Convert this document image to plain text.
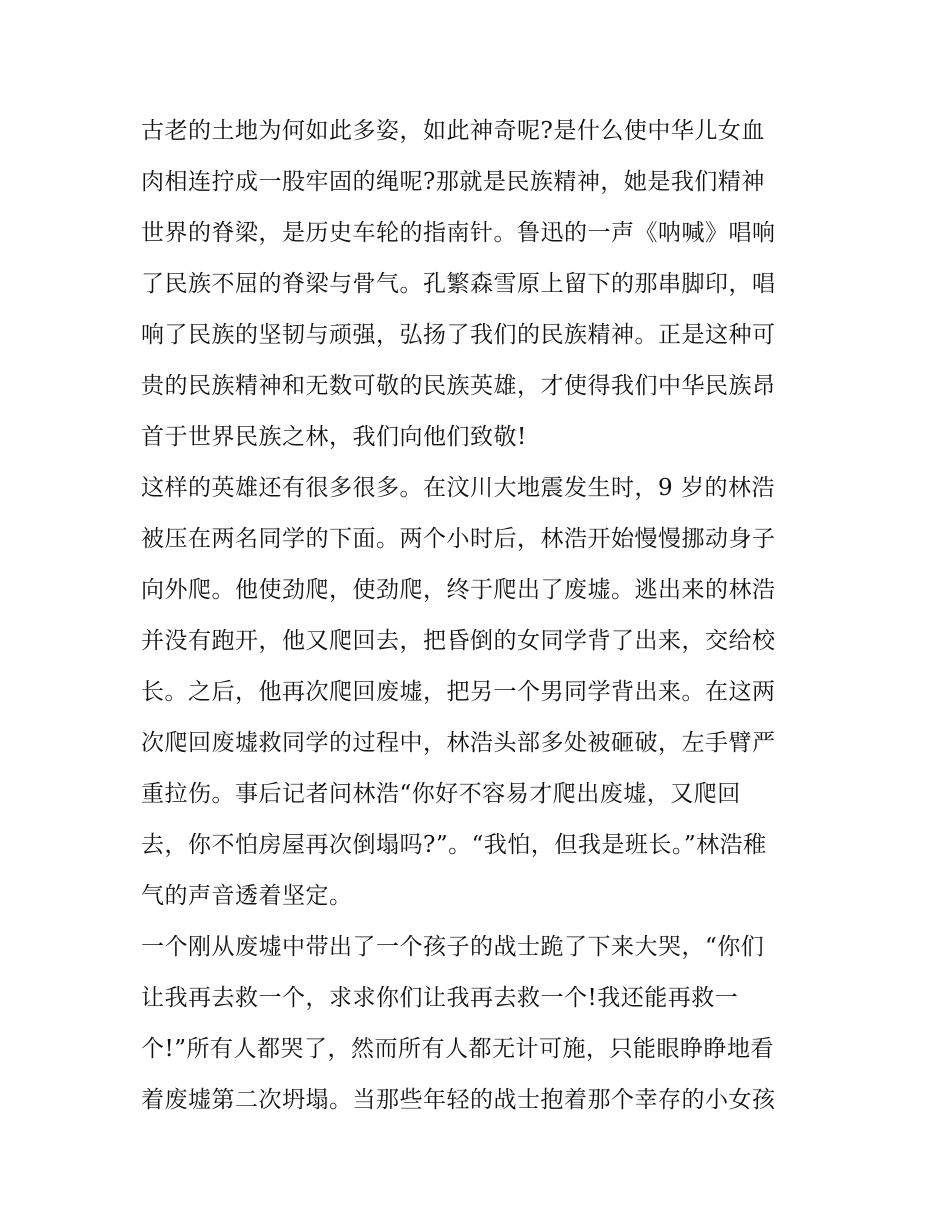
古老的土地为何如此多姿，如此神奇呢?是什么使中华儿女血
肉相连拧成一股牢固的绳呢?那就是民族精神，她是我们精神
世界的脊梁，是历史车轮的指南针。鲁迅的一声《呐喊》唱响
了民族不屈的脊梁与骨气。孔繁森雪原上留下的那串脚印，唱
响了民族的坚韧与顽强，弘扬了我们的民族精神。正是这种可
贵的民族精神和无数可敬的民族英雄，才使得我们中华民族昂
首于世界民族之林，我们向他们致敬!
这样的英雄还有很多很多。在汶川大地震发生时，9 岁的林浩
被压在两名同学的下面。两个小时后，林浩开始慢慢挪动身子
向外爬。他使劲爬，使劲爬，终于爬出了废墟。逃出来的林浩
并没有跑开，他又爬回去，把昏倒的女同学背了出来，交给校
长。之后，他再次爬回废墟，把另一个男同学背出来。在这两
次爬回废墟救同学的过程中，林浩头部多处被砸破，左手臂严
重拉伤。事后记者问林浩“你好不容易才爬出废墟，又爬回
去，你不怕房屋再次倒塌吗?”。“我怕，但我是班长。”林浩稚
气的声音透着坚定。
一个刚从废墟中带出了一个孩子的战士跪了下来大哭，“你们
让我再去救一个，求求你们让我再去救一个!我还能再救一
个!”所有人都哭了，然而所有人都无计可施，只能眼睁睁地看
着废墟第二次坍塌。当那些年轻的战士抱着那个幸存的小女孩
